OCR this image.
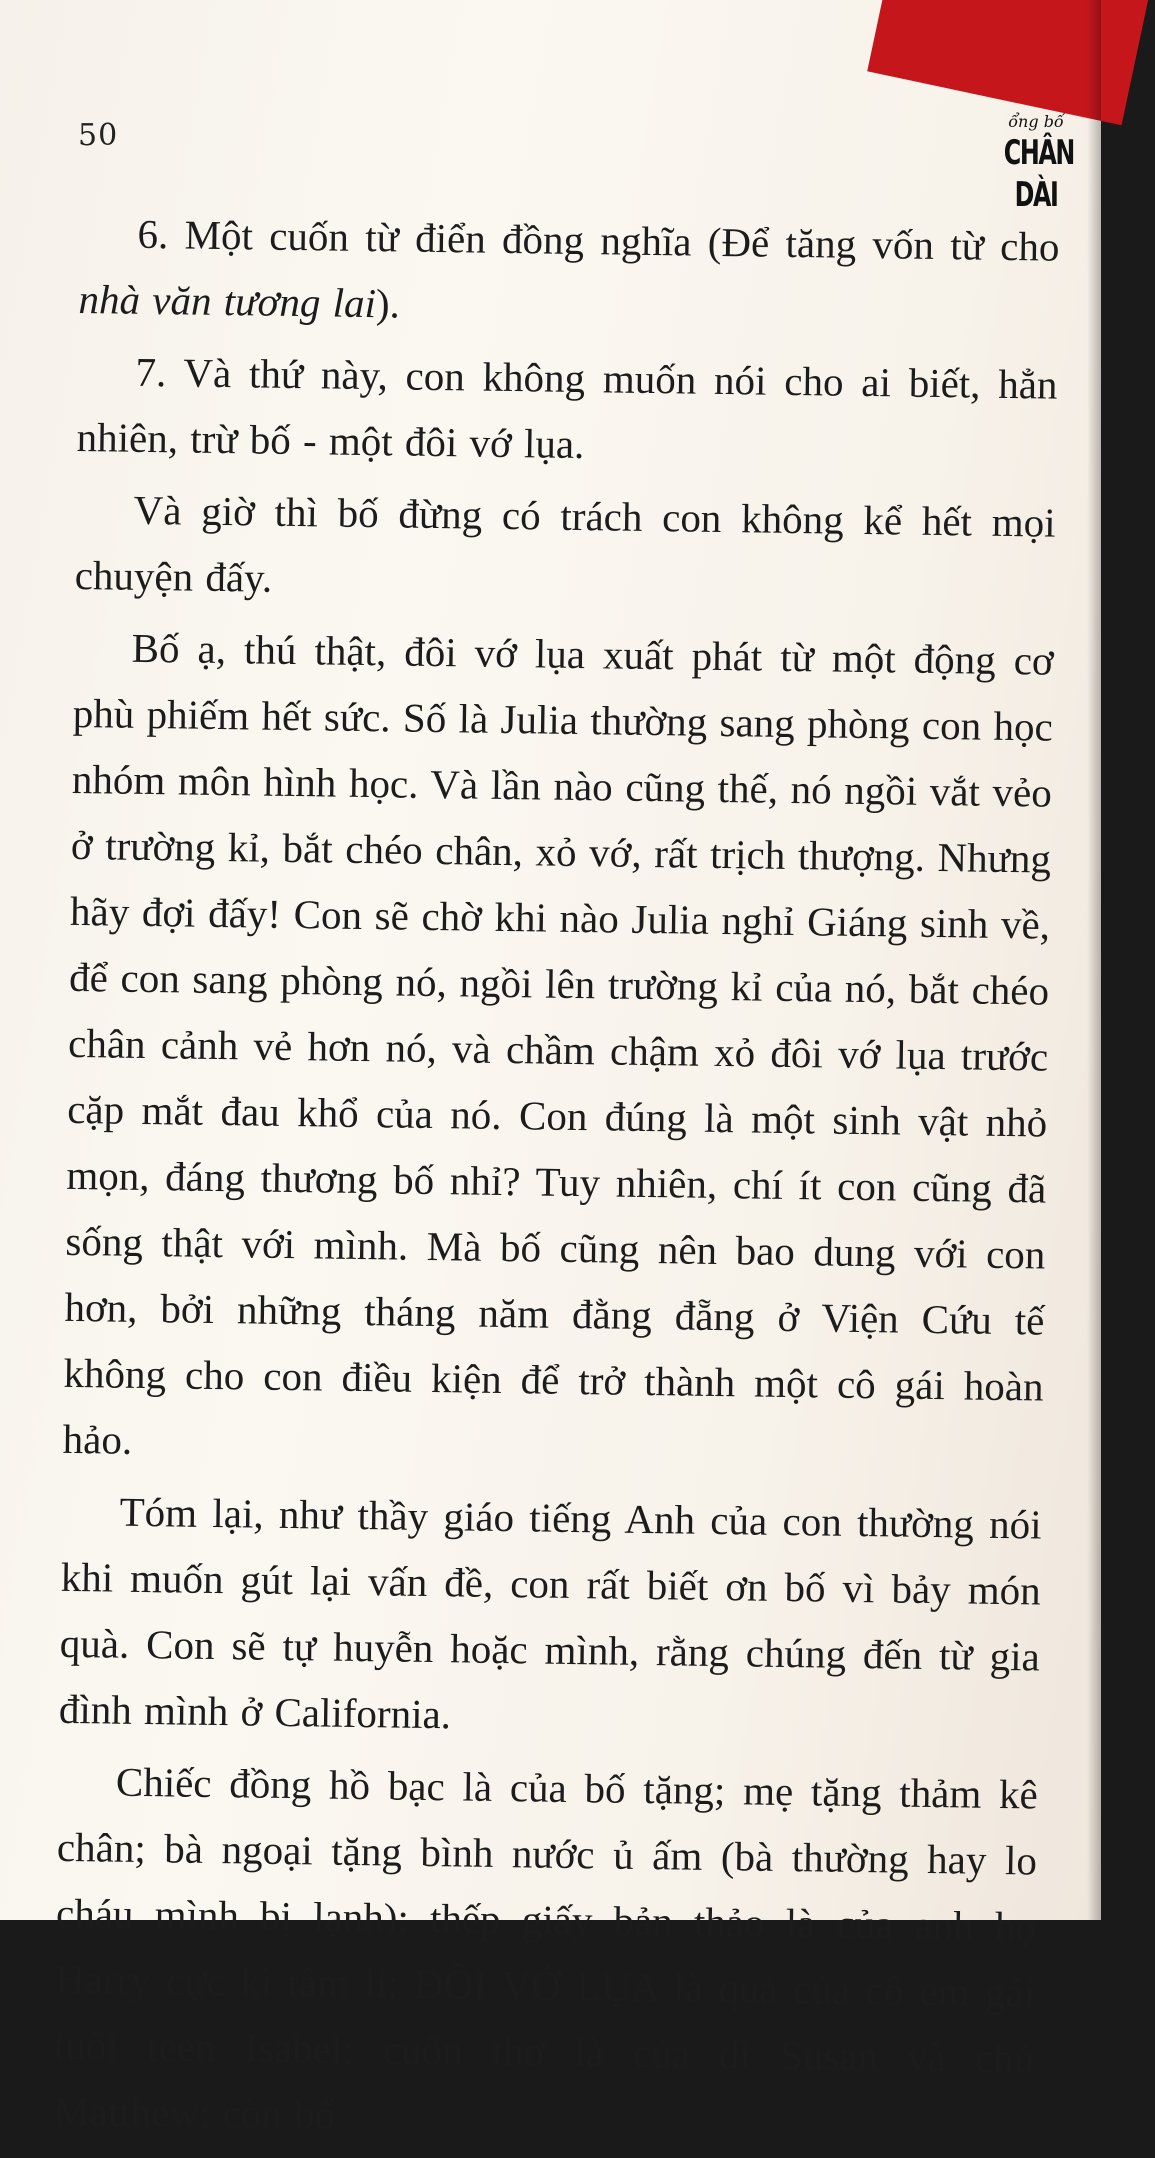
50	ổng bố
CHÂN DÀI

6. Một cuốn từ điển đồng nghĩa (Để tăng vốn từ cho nhà văn tương lai).

7. Và thứ này, con không muốn nói cho ai biết, hẳn nhiên, trừ bố - một đôi vớ lụa.

Và giờ thì bố đừng có trách con không kể hết mọi chuyện đấy.

Bố ạ, thú thật, đôi vớ lụa xuất phát từ một động cơ phù phiếm hết sức. Số là Julia thường sang phòng con học nhóm môn hình học. Và lần nào cũng thế, nó ngồi vắt vẻo ở trường kỉ, bắt chéo chân, xỏ vớ, rất trịch thượng. Nhưng hãy đợi đấy! Con sẽ chờ khi nào Julia nghỉ Giáng sinh về, để con sang phòng nó, ngồi lên trường kỉ của nó, bắt chéo chân cảnh vẻ hơn nó, và chầm chậm xỏ đôi vớ lụa trước cặp mắt đau khổ của nó. Con đúng là một sinh vật nhỏ mọn, đáng thương bố nhỉ? Tuy nhiên, chí ít con cũng đã sống thật với mình. Mà bố cũng nên bao dung với con hơn, bởi những tháng năm đằng đẵng ở Viện Cứu tế không cho con điều kiện để trở thành một cô gái hoàn hảo.

Tóm lại, như thầy giáo tiếng Anh của con thường nói khi muốn gút lại vấn đề, con rất biết ơn bố vì bảy món quà. Con sẽ tự huyễn hoặc mình, rằng chúng đến từ gia đình mình ở California.

Chiếc đồng hồ bạc là của bố tặng; mẹ tặng thảm kê chân; bà ngoại tặng bình nước ủ ấm (bà thường hay lo cháu mình bị lạnh); thếp giấy bản thảo là của anh họ Harry cực kì tâm lí; ĐÔI VỚ LỤA là quà của cô em gái tuổi teen Isabel; cuốn thơ là của dì Susan và chú Matthew; còn bố
